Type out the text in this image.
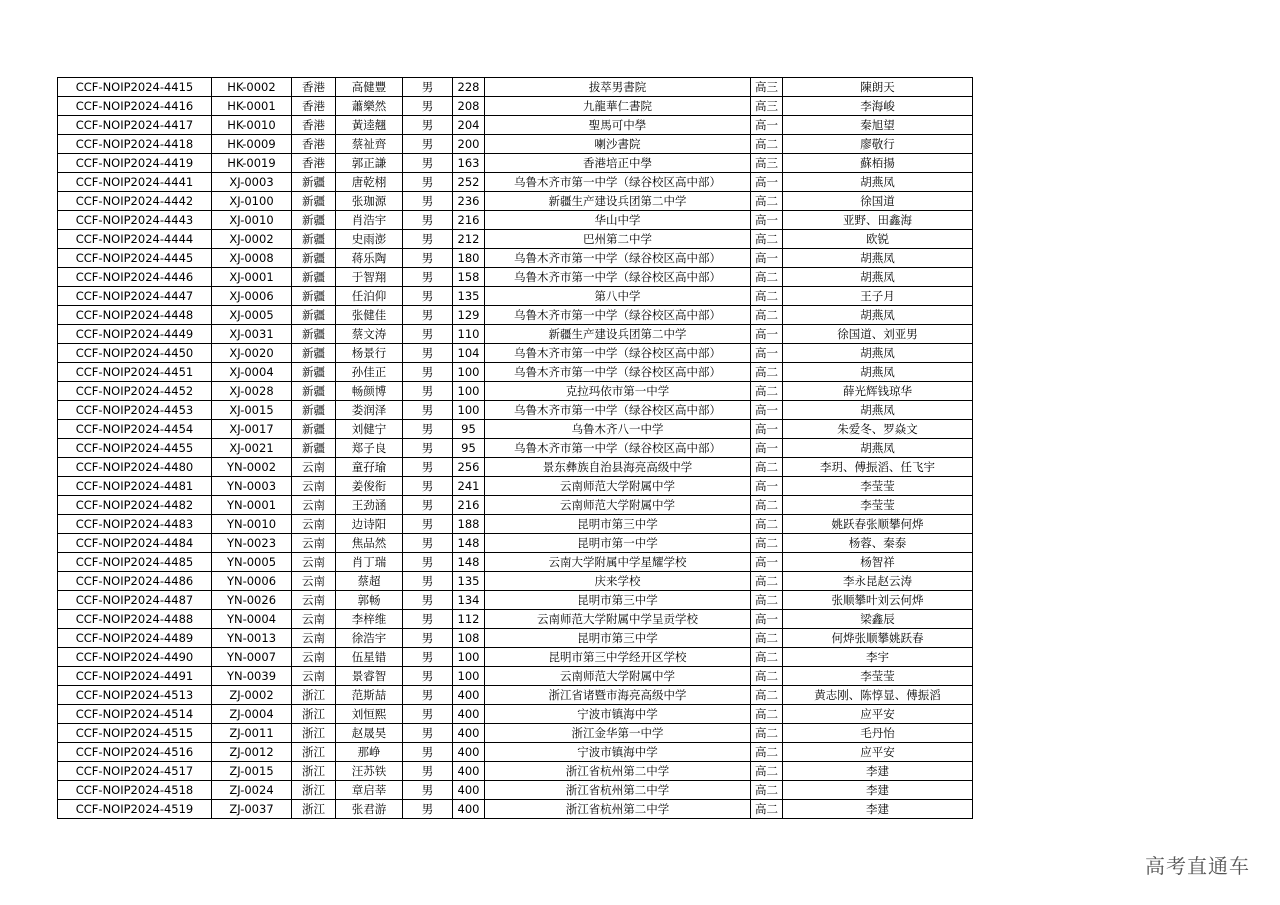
CCF-NOIP2024-4415	HK-0002	香港	高健豐	男	228	拔萃男書院	高三	陳朗天
CCF-NOIP2024-4416	HK-0001	香港	蕭樂然	男	208	九龍華仁書院	高三	李海峻
CCF-NOIP2024-4417	HK-0010	香港	黃逵翹	男	204	聖馬可中學	高一	秦旭望
CCF-NOIP2024-4418	HK-0009	香港	蔡祉齊	男	200	喇沙書院	高二	廖敬行
CCF-NOIP2024-4419	HK-0019	香港	郭正謙	男	163	香港培正中學	高三	蘇栢揚
CCF-NOIP2024-4441	XJ-0003	新疆	唐乾栩	男	252	乌鲁木齐市第一中学（绿谷校区高中部）	高一	胡燕凤
CCF-NOIP2024-4442	XJ-0100	新疆	张珈源	男	236	新疆生产建设兵团第二中学	高二	徐国道
CCF-NOIP2024-4443	XJ-0010	新疆	肖浩宇	男	216	华山中学	高一	亚野、田鑫海
CCF-NOIP2024-4444	XJ-0002	新疆	史雨澎	男	212	巴州第二中学	高二	欧锐
CCF-NOIP2024-4445	XJ-0008	新疆	蒋乐陶	男	180	乌鲁木齐市第一中学（绿谷校区高中部）	高一	胡燕凤
CCF-NOIP2024-4446	XJ-0001	新疆	于智翔	男	158	乌鲁木齐市第一中学（绿谷校区高中部）	高二	胡燕凤
CCF-NOIP2024-4447	XJ-0006	新疆	任泊仰	男	135	第八中学	高二	王子月
CCF-NOIP2024-4448	XJ-0005	新疆	张健佳	男	129	乌鲁木齐市第一中学（绿谷校区高中部）	高二	胡燕凤
CCF-NOIP2024-4449	XJ-0031	新疆	蔡文涛	男	110	新疆生产建设兵团第二中学	高一	徐国道、刘亚男
CCF-NOIP2024-4450	XJ-0020	新疆	杨景行	男	104	乌鲁木齐市第一中学（绿谷校区高中部）	高一	胡燕凤
CCF-NOIP2024-4451	XJ-0004	新疆	孙佳正	男	100	乌鲁木齐市第一中学（绿谷校区高中部）	高二	胡燕凤
CCF-NOIP2024-4452	XJ-0028	新疆	畅颜博	男	100	克拉玛依市第一中学	高二	薛光辉钱琼华
CCF-NOIP2024-4453	XJ-0015	新疆	娄润泽	男	100	乌鲁木齐市第一中学（绿谷校区高中部）	高一	胡燕凤
CCF-NOIP2024-4454	XJ-0017	新疆	刘健宁	男	95	乌鲁木齐八一中学	高一	朱爱冬、罗焱文
CCF-NOIP2024-4455	XJ-0021	新疆	郑子良	男	95	乌鲁木齐市第一中学（绿谷校区高中部）	高一	胡燕凤
CCF-NOIP2024-4480	YN-0002	云南	童孖瑜	男	256	景东彝族自治县海亮高级中学	高二	李玥、傅振滔、任飞宇
CCF-NOIP2024-4481	YN-0003	云南	姜俊衔	男	241	云南师范大学附属中学	高一	李莹莹
CCF-NOIP2024-4482	YN-0001	云南	王劲涵	男	216	云南师范大学附属中学	高二	李莹莹
CCF-NOIP2024-4483	YN-0010	云南	边诗阳	男	188	昆明市第三中学	高二	姚跃春张顺攀何烨
CCF-NOIP2024-4484	YN-0023	云南	焦品然	男	148	昆明市第一中学	高二	杨蓉、秦泰
CCF-NOIP2024-4485	YN-0005	云南	肖丁瑞	男	148	云南大学附属中学星耀学校	高一	杨智祥
CCF-NOIP2024-4486	YN-0006	云南	蔡超	男	135	庆来学校	高二	李永昆赵云涛
CCF-NOIP2024-4487	YN-0026	云南	郭畅	男	134	昆明市第三中学	高二	张顺攀叶刘云何烨
CCF-NOIP2024-4488	YN-0004	云南	李梓维	男	112	云南师范大学附属中学呈贡学校	高一	梁鑫辰
CCF-NOIP2024-4489	YN-0013	云南	徐浩宇	男	108	昆明市第三中学	高二	何烨张顺攀姚跃春
CCF-NOIP2024-4490	YN-0007	云南	伍星错	男	100	昆明市第三中学经开区学校	高二	李宇
CCF-NOIP2024-4491	YN-0039	云南	景睿智	男	100	云南师范大学附属中学	高二	李莹莹
CCF-NOIP2024-4513	ZJ-0002	浙江	范斯喆	男	400	浙江省诸暨市海亮高级中学	高二	黄志刚、陈惇显、傅振滔
CCF-NOIP2024-4514	ZJ-0004	浙江	刘恒熙	男	400	宁波市镇海中学	高二	应平安
CCF-NOIP2024-4515	ZJ-0011	浙江	赵晟昊	男	400	浙江金华第一中学	高二	毛丹怡
CCF-NOIP2024-4516	ZJ-0012	浙江	那峥	男	400	宁波市镇海中学	高二	应平安
CCF-NOIP2024-4517	ZJ-0015	浙江	汪苏铁	男	400	浙江省杭州第二中学	高二	李建
CCF-NOIP2024-4518	ZJ-0024	浙江	章启莘	男	400	浙江省杭州第二中学	高二	李建
CCF-NOIP2024-4519	ZJ-0037	浙江	张君游	男	400	浙江省杭州第二中学	高二	李建
高考直通车
